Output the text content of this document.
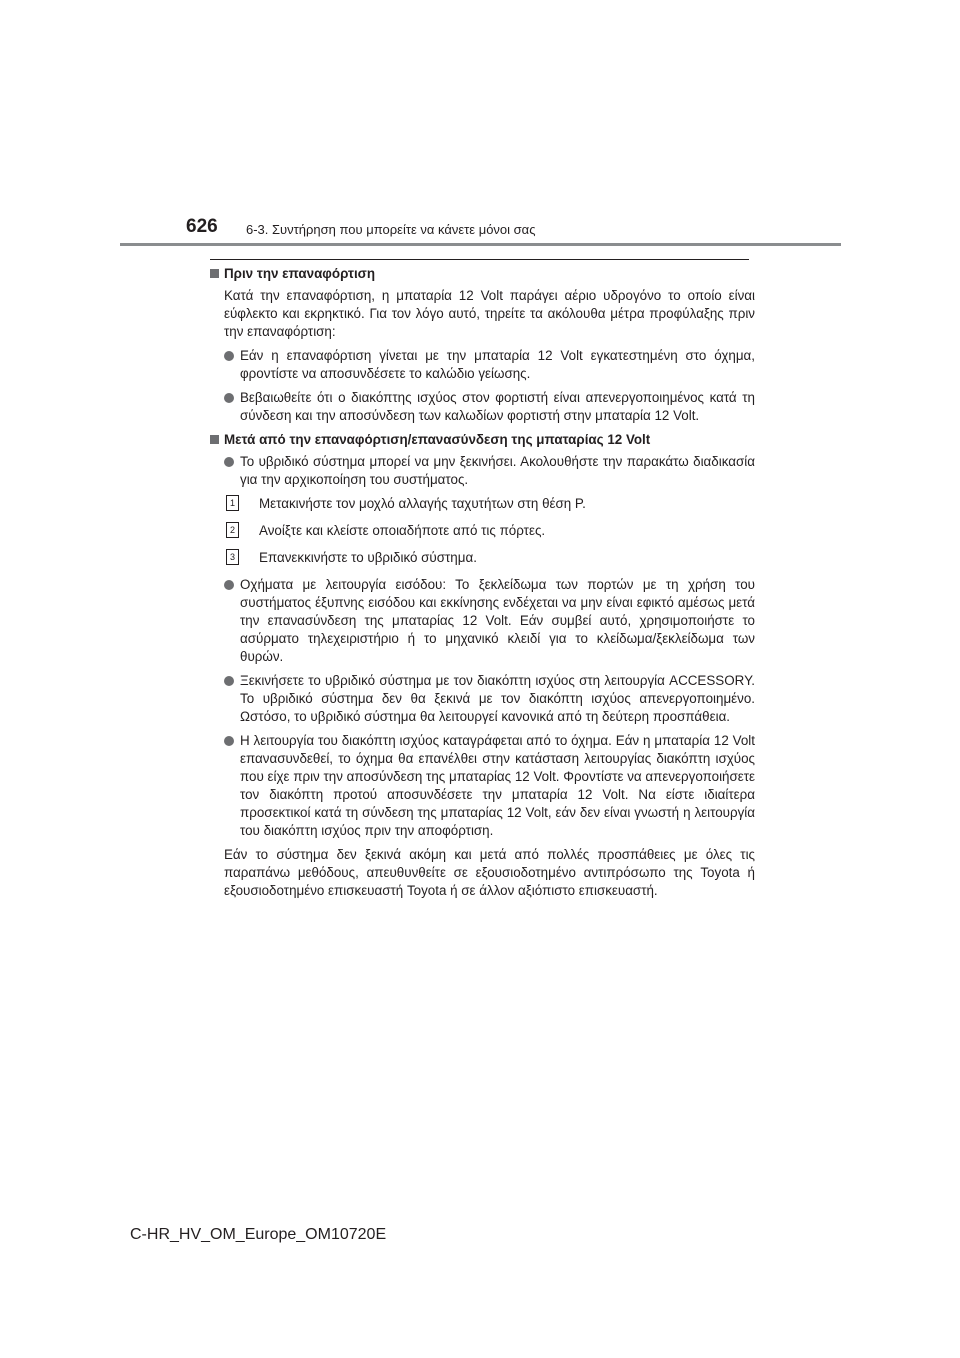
626 6-3. Συντήρηση που μπορείτε να κάνετε μόνοι σας
Πριν την επαναφόρτιση

Κατά την επαναφόρτιση, η μπαταρία 12 Volt παράγει αέριο υδρογόνο το οποίο είναι εύφλεκτο και εκρηκτικό. Για τον λόγο αυτό, τηρείτε τα ακόλουθα μέτρα προφύλαξης πριν την επαναφόρτιση:

Εάν η επαναφόρτιση γίνεται με την μπαταρία 12 Volt εγκατεστημένη στο όχημα, φροντίστε να αποσυνδέσετε το καλώδιο γείωσης.
Βεβαιωθείτε ότι ο διακόπτης ισχύος στον φορτιστή είναι απενεργοποιημένος κατά τη σύνδεση και την αποσύνδεση των καλωδίων φορτιστή στην μπαταρία 12 Volt.
Μετά από την επαναφόρτιση/επανασύνδεση της μπαταρίας 12 Volt
Το υβριδικό σύστημα μπορεί να μην ξεκινήσει. Ακολουθήστε την παρακάτω διαδικασία για την αρχικοποίηση του συστήματος.
1 Μετακινήστε τον μοχλό αλλαγής ταχυτήτων στη θέση P.
2 Ανοίξτε και κλείστε οποιαδήποτε από τις πόρτες.
3 Επανεκκινήστε το υβριδικό σύστημα.
Οχήματα με λειτουργία εισόδου: Το ξεκλείδωμα των πορτών με τη χρήση του συστήματος έξυπνης εισόδου και εκκίνησης ενδέχεται να μην είναι εφικτό αμέσως μετά την επανασύνδεση της μπαταρίας 12 Volt. Εάν συμβεί αυτό, χρησιμοποιήστε το ασύρματο τηλεχειριστήριο ή το μηχανικό κλειδί για το κλείδωμα/ξεκλείδωμα των θυρών.
Ξεκινήσετε το υβριδικό σύστημα με τον διακόπτη ισχύος στη λειτουργία ACCESSORY. Το υβριδικό σύστημα δεν θα ξεκινά με τον διακόπτη ισχύος απενεργοποιημένο. Ωστόσο, το υβριδικό σύστημα θα λειτουργεί κανονικά από τη δεύτερη προσπάθεια.
Η λειτουργία του διακόπτη ισχύος καταγράφεται από το όχημα. Εάν η μπαταρία 12 Volt επανασυνδεθεί, το όχημα θα επανέλθει στην κατάσταση λειτουργίας διακόπτη ισχύος που είχε πριν την αποσύνδεση της μπαταρίας 12 Volt. Φροντίστε να απενεργοποιήσετε τον διακόπτη προτού αποσυνδέσετε την μπαταρία 12 Volt. Να είστε ιδιαίτερα προσεκτικοί κατά τη σύνδεση της μπαταρίας 12 Volt, εάν δεν είναι γνωστή η λειτουργία του διακόπτη ισχύος πριν την αποφόρτιση.

Εάν το σύστημα δεν ξεκινά ακόμη και μετά από πολλές προσπάθειες με όλες τις παραπάνω μεθόδους, απευθυνθείτε σε εξουσιοδοτημένο αντιπρόσωπο της Toyota ή εξουσιοδοτημένο επισκευαστή Toyota ή σε άλλον αξιόπιστο επισκευαστή.

C-HR_HV_OM_Europe_OM10720E
